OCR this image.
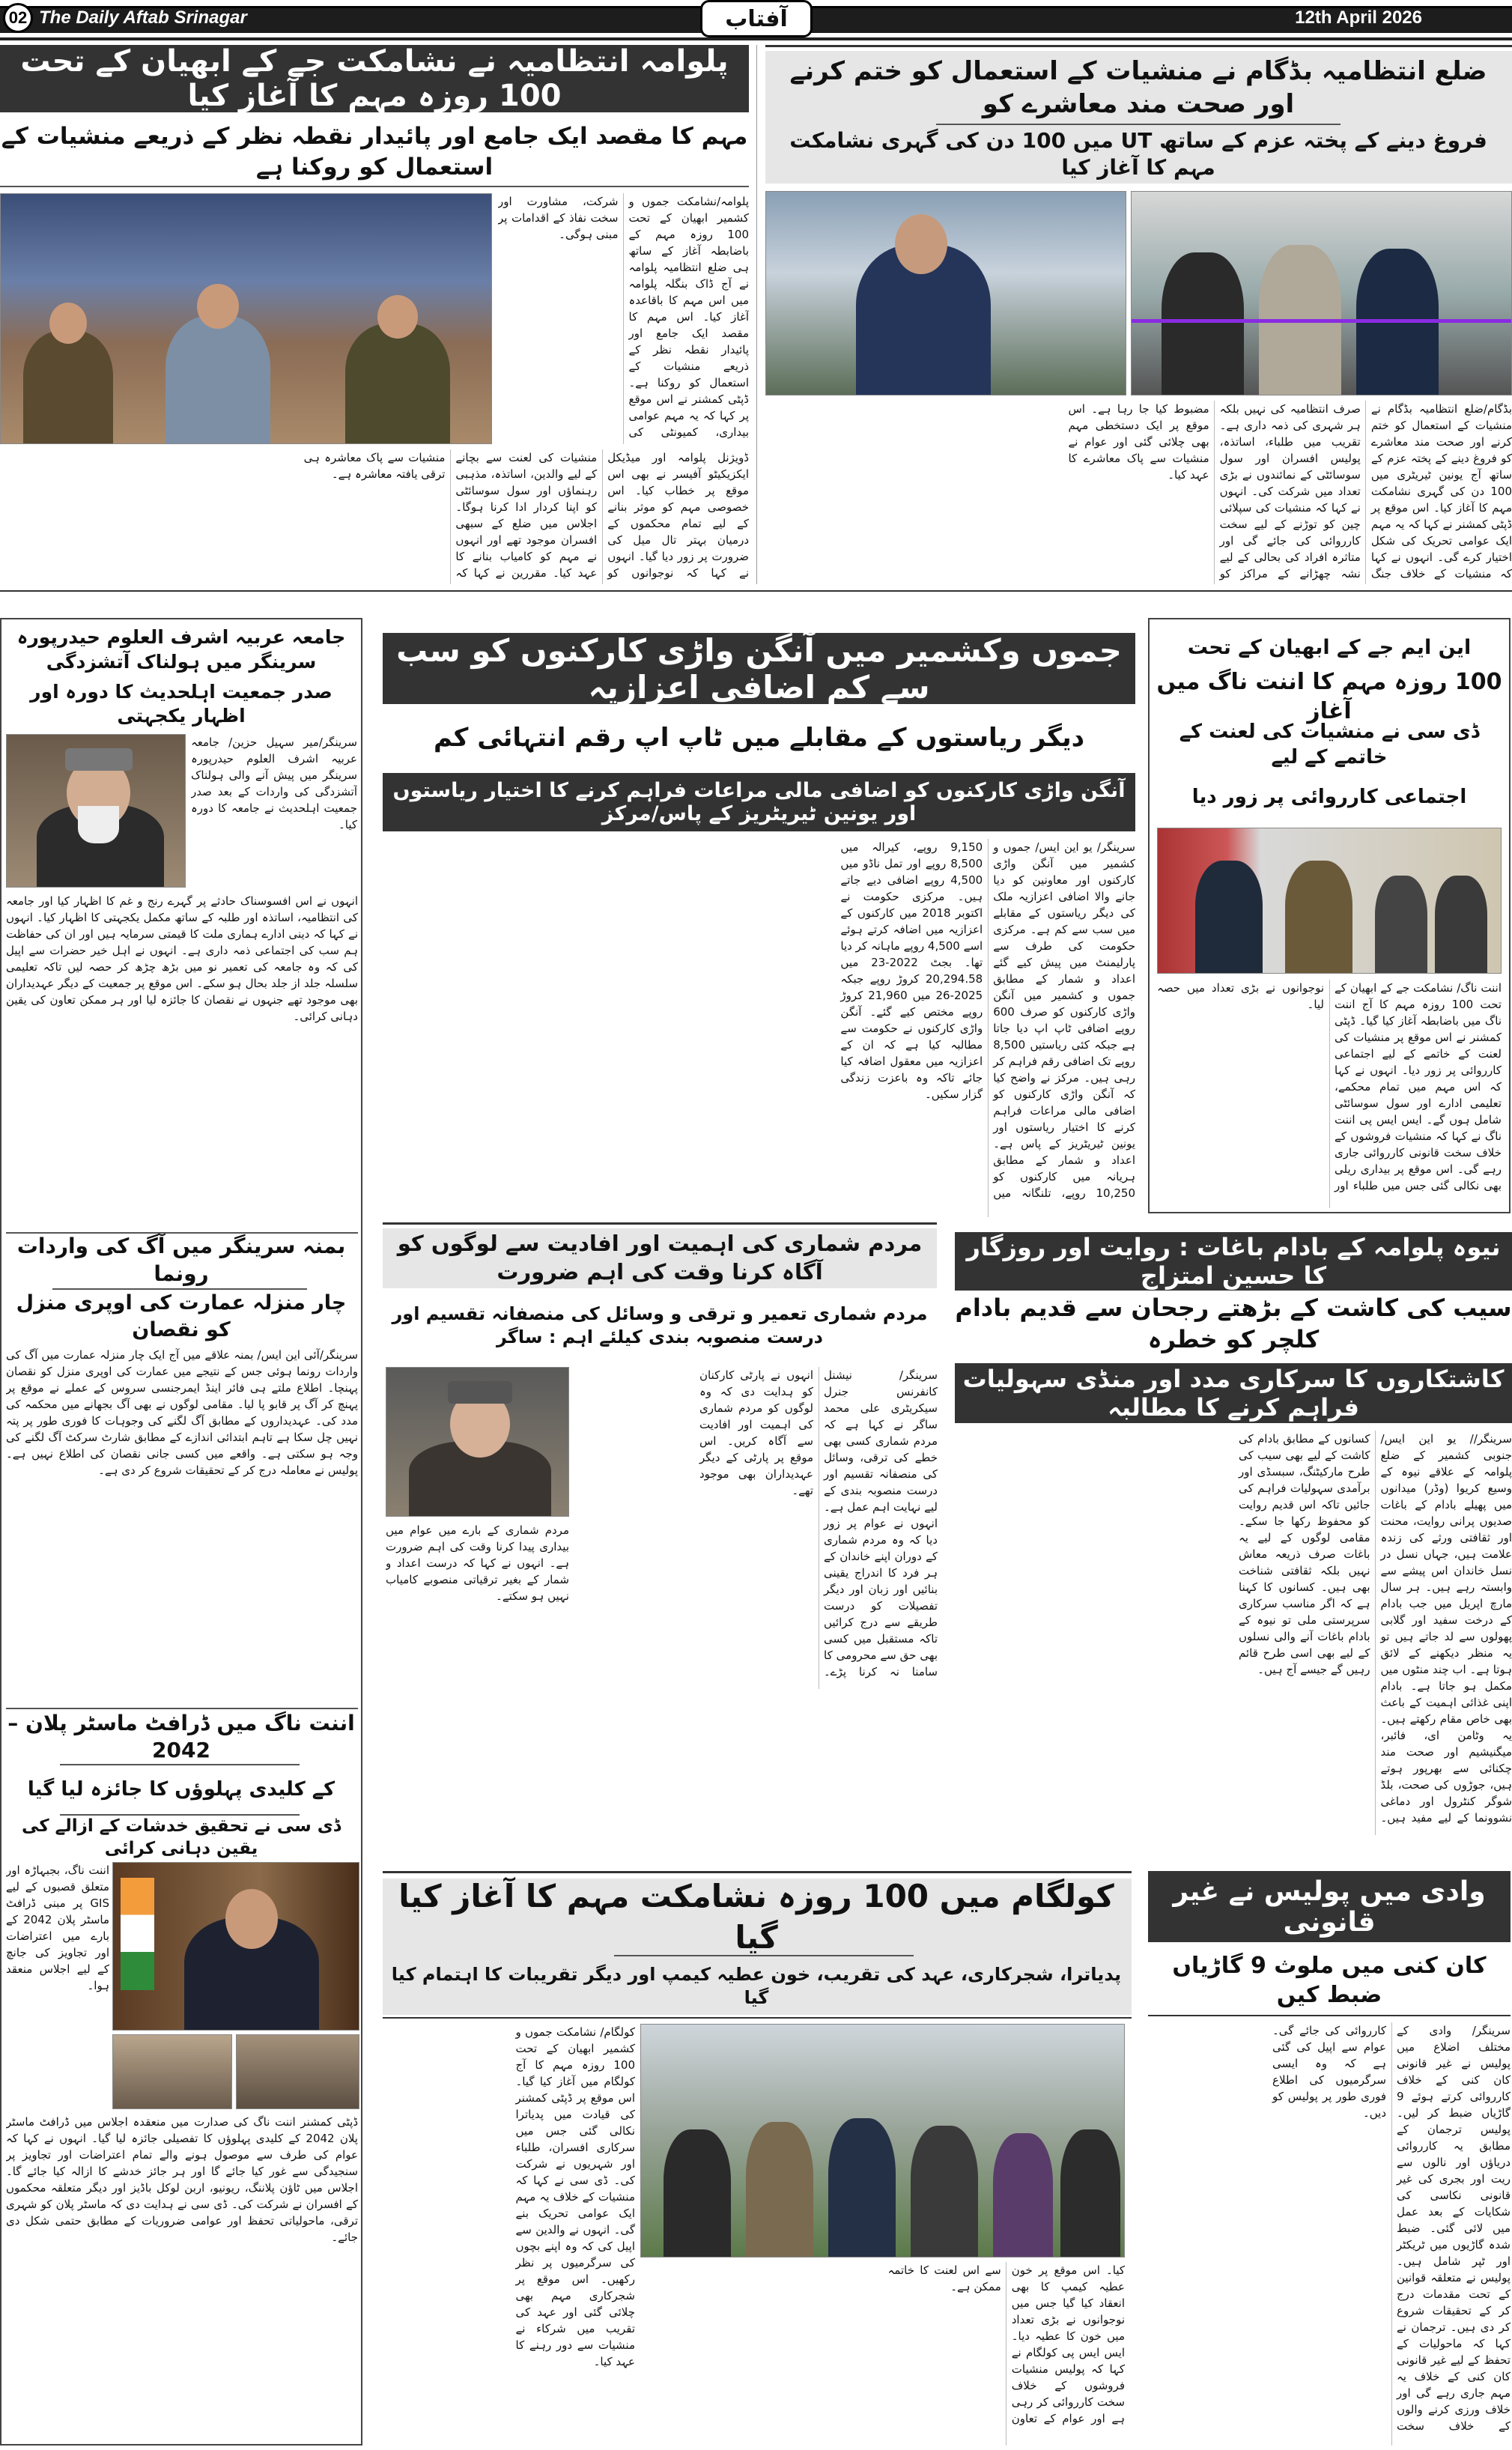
02 The Daily Aftab Srinagar	آفتاب	12th April 2026
پلوامہ انتظامیہ نے نشامکت جے کے ابھیان کے تحت 100 روزہ مہم کا آغاز کیا
مہم کا مقصد ایک جامع اور پائیدار نقطہ نظر کے ذریعے منشیات کے استعمال کو روکنا ہے
پلوامہ/نشامکت جموں و کشمیر ابھیان کے تحت 100 روزہ مہم کے باضابطہ آغاز کے ساتھ ہی ضلع انتظامیہ پلوامہ نے آج ڈاک بنگلہ پلوامہ میں اس مہم کا باقاعدہ آغاز کیا۔ اس مہم کا مقصد ایک جامع اور پائیدار نقطہ نظر کے ذریعے منشیات کے استعمال کو روکنا ہے۔ ڈپٹی کمشنر نے اس موقع پر کہا کہ یہ مہم عوامی بیداری، کمیونٹی کی شرکت، مشاورت اور سخت نفاذ کے اقدامات پر مبنی ہوگی۔
ڈویژنل پلوامہ اور میڈیکل ایکزیکیٹو آفیسر نے بھی اس موقع پر خطاب کیا۔ اس خصوصی مہم کو موثر بنانے کے لیے تمام محکموں کے درمیان بہتر تال میل کی ضرورت پر زور دیا گیا۔ انہوں نے کہا کہ نوجوانوں کو منشیات کی لعنت سے بچانے کے لیے والدین، اساتذہ، مذہبی رہنماؤں اور سول سوسائٹی کو اپنا کردار ادا کرنا ہوگا۔ اجلاس میں ضلع کے سبھی افسران موجود تھے اور انہوں نے مہم کو کامیاب بنانے کا عہد کیا۔ مقررین نے کہا کہ منشیات سے پاک معاشرہ ہی ترقی یافتہ معاشرہ ہے۔
ضلع انتظامیہ بڈگام نے منشیات کے استعمال کو ختم کرنے اور صحت مند معاشرے کو
فروغ دینے کے پختہ عزم کے ساتھ UT میں 100 دن کی گہری نشامکت مہم کا آغاز کیا
بڈگام/ضلع انتظامیہ بڈگام نے منشیات کے استعمال کو ختم کرنے اور صحت مند معاشرے کو فروغ دینے کے پختہ عزم کے ساتھ آج یونین ٹیریٹری میں 100 دن کی گہری نشامکت مہم کا آغاز کیا۔ اس موقع پر ڈپٹی کمشنر نے کہا کہ یہ مہم ایک عوامی تحریک کی شکل اختیار کرے گی۔ انہوں نے کہا کہ منشیات کے خلاف جنگ صرف انتظامیہ کی نہیں بلکہ ہر شہری کی ذمہ داری ہے۔ تقریب میں طلباء، اساتذہ، پولیس افسران اور سول سوسائٹی کے نمائندوں نے بڑی تعداد میں شرکت کی۔ انہوں نے کہا کہ منشیات کی سپلائی چین کو توڑنے کے لیے سخت کارروائی کی جائے گی اور متاثرہ افراد کی بحالی کے لیے نشہ چھڑانے کے مراکز کو مضبوط کیا جا رہا ہے۔ اس موقع پر ایک دستخطی مہم بھی چلائی گئی اور عوام نے منشیات سے پاک معاشرے کا عہد کیا۔
جامعہ عربیہ اشرف العلوم حیدرپورہ سرینگر میں ہولناک آتشزدگی
صدر جمعیت اہلحدیث کا دورہ اور اظہار یکجہتی
سرینگر/میر سہیل حزین/ جامعہ عربیہ اشرف العلوم حیدرپورہ سرینگر میں پیش آنے والی ہولناک آتشزدگی کی واردات کے بعد صدر جمعیت اہلحدیث نے جامعہ کا دورہ کیا۔
انہوں نے اس افسوسناک حادثے پر گہرے رنج و غم کا اظہار کیا اور جامعہ کی انتظامیہ، اساتذہ اور طلبہ کے ساتھ مکمل یکجہتی کا اظہار کیا۔ انہوں نے کہا کہ دینی ادارے ہماری ملت کا قیمتی سرمایہ ہیں اور ان کی حفاظت ہم سب کی اجتماعی ذمہ داری ہے۔ انہوں نے اہل خیر حضرات سے اپیل کی کہ وہ جامعہ کی تعمیر نو میں بڑھ چڑھ کر حصہ لیں تاکہ تعلیمی سلسلہ جلد از جلد بحال ہو سکے۔ اس موقع پر جمعیت کے دیگر عہدیداران بھی موجود تھے جنہوں نے نقصان کا جائزہ لیا اور ہر ممکن تعاون کی یقین دہانی کرائی۔
بمنہ سرینگر میں آگ کی واردات رونما
چار منزلہ عمارت کی اوپری منزل کو نقصان
سرینگر/آئی این ایس/ بمنہ علاقے میں آج ایک چار منزلہ عمارت میں آگ کی واردات رونما ہوئی جس کے نتیجے میں عمارت کی اوپری منزل کو نقصان پہنچا۔ اطلاع ملتے ہی فائر اینڈ ایمرجنسی سروس کے عملے نے موقع پر پہنچ کر آگ پر قابو پا لیا۔ مقامی لوگوں نے بھی آگ بجھانے میں محکمہ کی مدد کی۔ عہدیداروں کے مطابق آگ لگنے کی وجوہات کا فوری طور پر پتہ نہیں چل سکا ہے تاہم ابتدائی اندازے کے مطابق شارٹ سرکٹ آگ لگنے کی وجہ ہو سکتی ہے۔ واقعے میں کسی جانی نقصان کی اطلاع نہیں ہے۔ پولیس نے معاملہ درج کر کے تحقیقات شروع کر دی ہے۔
اننت ناگ میں ڈرافٹ ماسٹر پلان – 2042
کے کلیدی پہلوؤں کا جائزہ لیا گیا
ڈی سی نے تحقیق خدشات کے ازالے کی یقین دہانی کرائی
اننت ناگ، بجبہاڑہ اور متعلق قصبوں کے لیے GIS پر مبنی ڈرافٹ ماسٹر پلان 2042 کے بارے میں اعتراضات اور تجاویز کی جانچ کے لیے اجلاس منعقد ہوا۔
ڈپٹی کمشنر اننت ناگ کی صدارت میں منعقدہ اجلاس میں ڈرافٹ ماسٹر پلان 2042 کے کلیدی پہلوؤں کا تفصیلی جائزہ لیا گیا۔ انہوں نے کہا کہ عوام کی طرف سے موصول ہونے والے تمام اعتراضات اور تجاویز پر سنجیدگی سے غور کیا جائے گا اور ہر جائز خدشے کا ازالہ کیا جائے گا۔ اجلاس میں ٹاؤن پلاننگ، ریونیو، اربن لوکل باڈیز اور دیگر متعلقہ محکموں کے افسران نے شرکت کی۔ ڈی سی نے ہدایت دی کہ ماسٹر پلان کو شہری ترقی، ماحولیاتی تحفظ اور عوامی ضروریات کے مطابق حتمی شکل دی جائے۔
جموں وکشمیر میں آنگن واڑی کارکنوں کو سب سے کم اضافی اعزازیہ
دیگر ریاستوں کے مقابلے میں ٹاپ اپ رقم انتہائی کم
آنگن واڑی کارکنوں کو اضافی مالی مراعات فراہم کرنے کا اختیار ریاستوں اور یونین ٹیریٹریز کے پاس/مرکز
سرینگر/ یو این ایس/ جموں و کشمیر میں آنگن واڑی کارکنوں اور معاونین کو دیا جانے والا اضافی اعزازیہ ملک کی دیگر ریاستوں کے مقابلے میں سب سے کم ہے۔ مرکزی حکومت کی طرف سے پارلیمنٹ میں پیش کیے گئے اعداد و شمار کے مطابق جموں و کشمیر میں آنگن واڑی کارکنوں کو صرف 600 روپے اضافی ٹاپ اپ دیا جاتا ہے جبکہ کئی ریاستیں 8,500 روپے تک اضافی رقم فراہم کر رہی ہیں۔ مرکز نے واضح کیا کہ آنگن واڑی کارکنوں کو اضافی مالی مراعات فراہم کرنے کا اختیار ریاستوں اور یونین ٹیریٹریز کے پاس ہے۔ اعداد و شمار کے مطابق ہریانہ میں کارکنوں کو 10,250 روپے، تلنگانہ میں 9,150 روپے، کیرالہ میں 8,500 روپے اور تمل ناڈو میں 4,500 روپے اضافی دیے جاتے ہیں۔ مرکزی حکومت نے اکتوبر 2018 میں کارکنوں کے اعزازیہ میں اضافہ کرتے ہوئے اسے 4,500 روپے ماہانہ کر دیا تھا۔ بجٹ 2022-23 میں 20,294.58 کروڑ روپے جبکہ 2025-26 میں 21,960 کروڑ روپے مختص کیے گئے۔ آنگن واڑی کارکنوں نے حکومت سے مطالبہ کیا ہے کہ ان کے اعزازیہ میں معقول اضافہ کیا جائے تاکہ وہ باعزت زندگی گزار سکیں۔
این ایم جے کے ابھیان کے تحت
100 روزہ مہم کا اننت ناگ میں آغاز
ڈی سی نے منشیات کی لعنت کے خاتمے کے لیے
اجتماعی کارروائی پر زور دیا
اننت ناگ/ نشامکت جے کے ابھیان کے تحت 100 روزہ مہم کا آج اننت ناگ میں باضابطہ آغاز کیا گیا۔ ڈپٹی کمشنر نے اس موقع پر منشیات کی لعنت کے خاتمے کے لیے اجتماعی کارروائی پر زور دیا۔ انہوں نے کہا کہ اس مہم میں تمام محکمے، تعلیمی ادارے اور سول سوسائٹی شامل ہوں گے۔ ایس ایس پی اننت ناگ نے کہا کہ منشیات فروشوں کے خلاف سخت قانونی کارروائی جاری رہے گی۔ اس موقع پر بیداری ریلی بھی نکالی گئی جس میں طلباء اور نوجوانوں نے بڑی تعداد میں حصہ لیا۔
مردم شماری کی اہمیت اور افادیت سے لوگوں کو آگاہ کرنا وقت کی اہم ضرورت
مردم شماری تعمیر و ترقی و وسائل کی منصفانہ تقسیم اور درست منصوبہ بندی کیلئے اہم : ساگر
سرینگر/ نیشنل کانفرنس جنرل سیکریٹری علی محمد ساگر نے کہا ہے کہ مردم شماری کسی بھی خطے کی ترقی، وسائل کی منصفانہ تقسیم اور درست منصوبہ بندی کے لیے نہایت اہم عمل ہے۔ انہوں نے عوام پر زور دیا کہ وہ مردم شماری کے دوران اپنے خاندان کے ہر فرد کا اندراج یقینی بنائیں اور زبان اور دیگر تفصیلات کو درست طریقے سے درج کرائیں تاکہ مستقبل میں کسی بھی حق سے محرومی کا سامنا نہ کرنا پڑے۔ انہوں نے پارٹی کارکنان کو ہدایت دی کہ وہ لوگوں کو مردم شماری کی اہمیت اور افادیت سے آگاہ کریں۔ اس موقع پر پارٹی کے دیگر عہدیداران بھی موجود تھے۔
مردم شماری کے بارے میں عوام میں بیداری پیدا کرنا وقت کی اہم ضرورت ہے۔ انہوں نے کہا کہ درست اعداد و شمار کے بغیر ترقیاتی منصوبے کامیاب نہیں ہو سکتے۔
نیوہ پلوامہ کے بادام باغات : روایت اور روزگار کا حسین امتزاج
سیب کی کاشت کے بڑھتے رجحان سے قدیم بادام کلچر کو خطرہ
کاشتکاروں کا سرکاری مدد اور منڈی سہولیات فراہم کرنے کا مطالبہ
سرینگر// یو این ایس/ جنوبی کشمیر کے ضلع پلوامہ کے علاقے نیوہ کے وسیع کریوا (وڈر) میدانوں میں پھیلے بادام کے باغات صدیوں پرانی روایت، محنت اور ثقافتی ورثے کی زندہ علامت ہیں، جہاں نسل در نسل خاندان اس پیشے سے وابستہ رہے ہیں۔ ہر سال مارچ اپریل میں جب بادام کے درخت سفید اور گلابی پھولوں سے لد جاتے ہیں تو یہ منظر دیکھنے کے لائق ہوتا ہے۔ اب چند منٹوں میں مکمل ہو جاتا ہے۔ بادام اپنی غذائی اہمیت کے باعث بھی خاص مقام رکھتے ہیں۔ یہ وٹامن ای، فائبر، میگنیشیم اور صحت مند چکنائی سے بھرپور ہوتے ہیں، جوڑوں کی صحت، بلڈ شوگر کنٹرول اور دماغی نشوونما کے لیے مفید ہیں۔ کسانوں کے مطابق بادام کی کاشت کے لیے بھی سیب کی طرح مارکیٹنگ، سبسڈی اور برآمدی سہولیات فراہم کی جائیں تاکہ اس قدیم روایت کو محفوظ رکھا جا سکے۔ مقامی لوگوں کے لیے یہ باغات صرف ذریعہ معاش نہیں بلکہ ثقافتی شناخت بھی ہیں۔ کسانوں کا کہنا ہے کہ اگر مناسب سرکاری سرپرستی ملی تو نیوہ کے بادام باغات آنے والی نسلوں کے لیے بھی اسی طرح قائم رہیں گے جیسے آج ہیں۔
کولگام میں 100 روزہ نشامکت مہم کا آغاز کیا گیا
پدیاترا، شجرکاری، عہد کی تقریب، خون عطیہ کیمپ اور دیگر تقریبات کا اہتمام کیا گیا
کولگام/ نشامکت جموں و کشمیر ابھیان کے تحت 100 روزہ مہم کا آج کولگام میں آغاز کیا گیا۔ اس موقع پر ڈپٹی کمشنر کی قیادت میں پدیاترا نکالی گئی جس میں سرکاری افسران، طلباء اور شہریوں نے شرکت کی۔ ڈی سی نے کہا کہ منشیات کے خلاف یہ مہم ایک عوامی تحریک بنے گی۔ انہوں نے والدین سے اپیل کی کہ وہ اپنے بچوں کی سرگرمیوں پر نظر رکھیں۔ اس موقع پر شجرکاری مہم بھی چلائی گئی اور عہد کی تقریب میں شرکاء نے منشیات سے دور رہنے کا عہد کیا۔
کیا۔ اس موقع پر خون عطیہ کیمپ کا بھی انعقاد کیا گیا جس میں نوجوانوں نے بڑی تعداد میں خون کا عطیہ دیا۔ ایس ایس پی کولگام نے کہا کہ پولیس منشیات فروشوں کے خلاف سخت کارروائی کر رہی ہے اور عوام کے تعاون سے اس لعنت کا خاتمہ ممکن ہے۔
وادی میں پولیس نے غیر قانونی
کان کنی میں ملوث 9 گاڑیاں ضبط کیں
سرینگر/ وادی کے مختلف اضلاع میں پولیس نے غیر قانونی کان کنی کے خلاف کارروائی کرتے ہوئے 9 گاڑیاں ضبط کر لیں۔ پولیس ترجمان کے مطابق یہ کارروائی دریاؤں اور نالوں سے ریت اور بجری کی غیر قانونی نکاسی کی شکایات کے بعد عمل میں لائی گئی۔ ضبط شدہ گاڑیوں میں ٹریکٹر اور ٹپر شامل ہیں۔ پولیس نے متعلقہ قوانین کے تحت مقدمات درج کر کے تحقیقات شروع کر دی ہیں۔ ترجمان نے کہا کہ ماحولیات کے تحفظ کے لیے غیر قانونی کان کنی کے خلاف یہ مہم جاری رہے گی اور خلاف ورزی کرنے والوں کے خلاف سخت کارروائی کی جائے گی۔ عوام سے اپیل کی گئی ہے کہ وہ ایسی سرگرمیوں کی اطلاع فوری طور پر پولیس کو دیں۔
